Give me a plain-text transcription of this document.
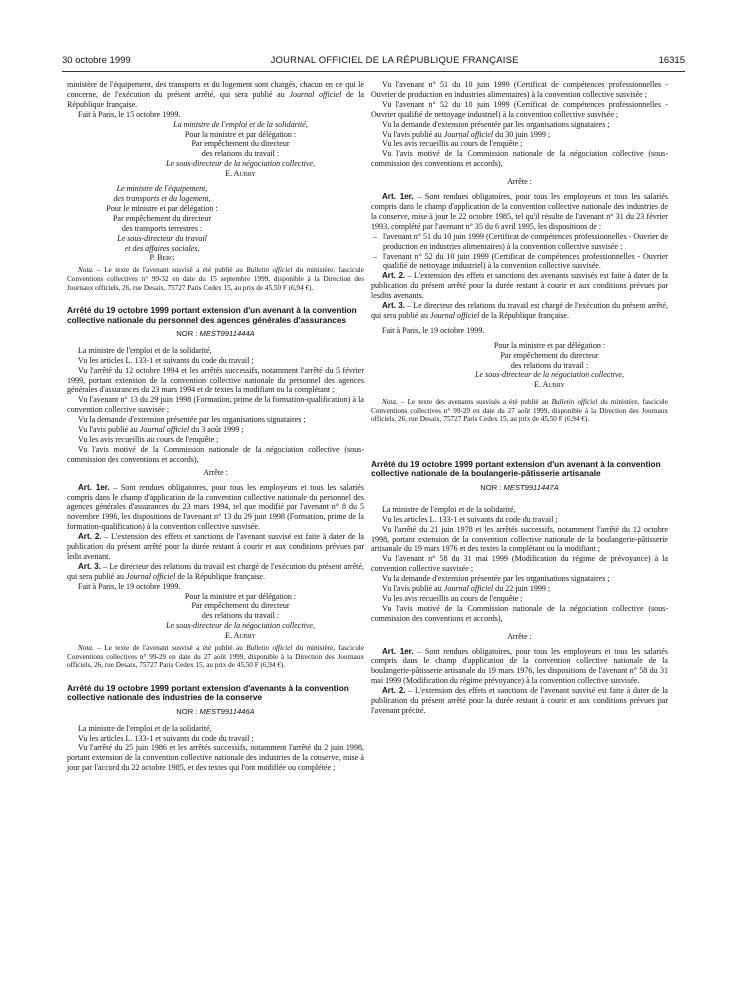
30 octobre 1999	JOURNAL OFFICIEL DE LA RÉPUBLIQUE FRANÇAISE	16315

ministère de l'équipement, des transports et du logement sont chargés, chacun en ce qui le concerne, de l'exécution du présent arrêté, qui sera publié au Journal officiel de la République française.

Fait à Paris, le 15 octobre 1999.

La ministre de l'emploi et de la solidarité,
Pour la ministre et par délégation :
Par empêchement du directeur
des relations du travail :
Le sous-directeur de la négociation collective,
E. Aubry
Le ministre de l'équipement,
des transports et du logement,
Pour le ministre et par délégation :
Par empêchement du directeur
des transports terrestres :
Le sous-directeur du travail
et des affaires sociales,
P. Berg

Nota. – Le texte de l'avenant susvisé a été publié au Bulletin officiel du ministère, fascicule Conventions collectives n° 99-32 en date du 15 septembre 1999, disponible à la Direction des Journaux officiels, 26, rue Desaix, 75727 Paris Cedex 15, au prix de 45,50 F (6,94 €).

Arrêté du 19 octobre 1999 portant extension d'un avenant à la convention collective nationale du personnel des agences générales d'assurances

NOR : MEST9911444A

La ministre de l'emploi et de la solidarité,

Vu les articles L. 133-1 et suivants du code du travail ;

Vu l'arrêté du 12 octobre 1994 et les arrêtés successifs, notamment l'arrêté du 5 février 1999, portant extension de la convention collective nationale du personnel des agences générales d'assurances du 23 mars 1994 et de textes la modifiant ou la complétant ;

Vu l'avenant n° 13 du 29 juin 1998 (Formation, prime de la formation-qualification) à la convention collective susvisée ;

Vu la demande d'extension présentée par les organisations signataires ;

Vu l'avis publié au Journal officiel du 3 août 1999 ;

Vu les avis recueillis au cours de l'enquête ;

Vu l'avis motivé de la Commission nationale de la négociation collective (sous-commission des conventions et accords),

Arrête :

Art. 1er. – Sont rendues obligatoires, pour tous les employeurs et tous les salariés compris dans le champ d'application de la convention collective nationale du personnel des agences générales d'assurances du 23 mars 1994, tel que modifié par l'avenant n° 8 du 5 novembre 1996, les dispositions de l'avenant n° 13 du 29 juin 1998 (Formation, prime de la formation-qualification) à la convention collective susvisée.

Art. 2. – L'extension des effets et sanctions de l'avenant susvisé est faite à dater de la publication du présent arrêté pour la durée restant à courir et aux conditions prévues par ledit avenant.

Art. 3. – Le directeur des relations du travail est chargé de l'exécution du présent arrêté, qui sera publié au Journal officiel de la République française.

Fait à Paris, le 19 octobre 1999.

Pour la ministre et par délégation :
Par empêchement du directeur
des relations du travail :
Le sous-directeur de la négociation collective,
E. Aubry

Nota. – Le texte de l'avenant susvisé a été publié au Bulletin officiel du ministère, fascicule Conventions collectives n° 99-29 en date du 27 août 1999, disponible à la Direction des Journaux officiels, 26, rue Desaix, 75727 Paris Cedex 15, au prix de 45,50 F (6,94 €).

Arrêté du 19 octobre 1999 portant extension d'avenants à la convention collective nationale des industries de la conserve

NOR : MEST9911446A

La ministre de l'emploi et de la solidarité,

Vu les articles L. 133-1 et suivants du code du travail ;

Vu l'arrêté du 25 juin 1986 et les arrêtés successifs, notamment l'arrêté du 2 juin 1998, portant extension de la convention collective nationale des industries de la conserve, mise à jour par l'accord du 22 octobre 1985, et des textes qui l'ont modifiée ou complétée ;

Vu l'avenant n° 51 du 10 juin 1999 (Certificat de compétences professionnelles - Ouvrier de production en industries alimentaires) à la convention collective susvisée ;

Vu l'avenant n° 52 du 10 juin 1999 (Certificat de compétences professionnelles - Ouvrier qualifié de nettoyage industriel) à la convention collective susvisée ;

Vu la demande d'extension présentée par les organisations signataires ;

Vu l'avis publié au Journal officiel du 30 juin 1999 ;

Vu les avis recueillis au cours de l'enquête ;

Vu l'avis motivé de la Commission nationale de la négociation collective (sous-commission des conventions et accords),

Arrête :

Art. 1er. – Sont rendues obligatoires, pour tous les employeurs et tous les salariés compris dans le champ d'application de la convention collective nationale des industries de la conserve, mise à jour le 22 octobre 1985, tel qu'il résulte de l'avenant n° 31 du 23 février 1993, complété par l'avenant n° 35 du 6 avril 1995, les dispositions de :

– l'avenant n° 51 du 10 juin 1999 (Certificat de compétences professionnelles - Ouvrier de production en industries alimentaires) à la convention collective susvisée ;
– l'avenant n° 52 du 10 juin 1999 (Certificat de compétences professionnelles - Ouvrier qualifié de nettoyage industriel) à la convention collective susvisée.

Art. 2. – L'extension des effets et sanctions des avenants susvisés est faite à dater de la publication du présent arrêté pour la durée restant à courir et aux conditions prévues par lesdits avenants.

Art. 3. – Le directeur des relations du travail est chargé de l'exécution du présent arrêté, qui sera publié au Journal officiel de la République française.

Fait à Paris, le 19 octobre 1999.

Pour la ministre et par délégation :
Par empêchement du directeur
des relations du travail :
Le sous-directeur de la négociation collective,
E. Aubry

Nota. – Le texte des avenants susvisés a été publié au Bulletin officiel du ministère, fascicule Conventions collectives n° 99-29 en date du 27 août 1999, disponible à la Direction des Journaux officiels, 26, rue Desaix, 75727 Paris Cedex 15, au prix de 45,50 F (6,94 €).

Arrêté du 19 octobre 1999 portant extension d'un avenant à la convention collective nationale de la boulangerie-pâtisserie artisanale

NOR : MEST9911447A

La ministre de l'emploi et de la solidarité,

Vu les articles L. 133-1 et suivants du code du travail ;

Vu l'arrêté du 21 juin 1978 et les arrêtés successifs, notamment l'arrêté du 12 octobre 1998, portant extension de la convention collective nationale de la boulangerie-pâtisserie artisanale du 19 mars 1976 et des textes la complétant ou la modifiant ;

Vu l'avenant n° 58 du 31 mai 1999 (Modification du régime de prévoyance) à la convention collective susvisée ;

Vu la demande d'extension présentée par les organisations signataires ;

Vu l'avis publié au Journal officiel du 22 juin 1999 ;

Vu les avis recueillis au cours de l'enquête ;

Vu l'avis motivé de la Commission nationale de la négociation collective (sous-commission des conventions et accords),

Arrête :

Art. 1er. – Sont rendues obligatoires, pour tous les employeurs et tous les salariés compris dans le champ d'application de la convention collective nationale de la boulangerie-pâtisserie artisanale du 19 mars 1976, les dispositions de l'avenant n° 58 du 31 mai 1999 (Modification du régime prévoyance) à la convention collective susvisée.

Art. 2. – L'extension des effets et sanctions de l'avenant susvisé est faite à dater de la publication du présent arrêté pour la durée restant à courir et aux conditions prévues par l'avenant précité.
